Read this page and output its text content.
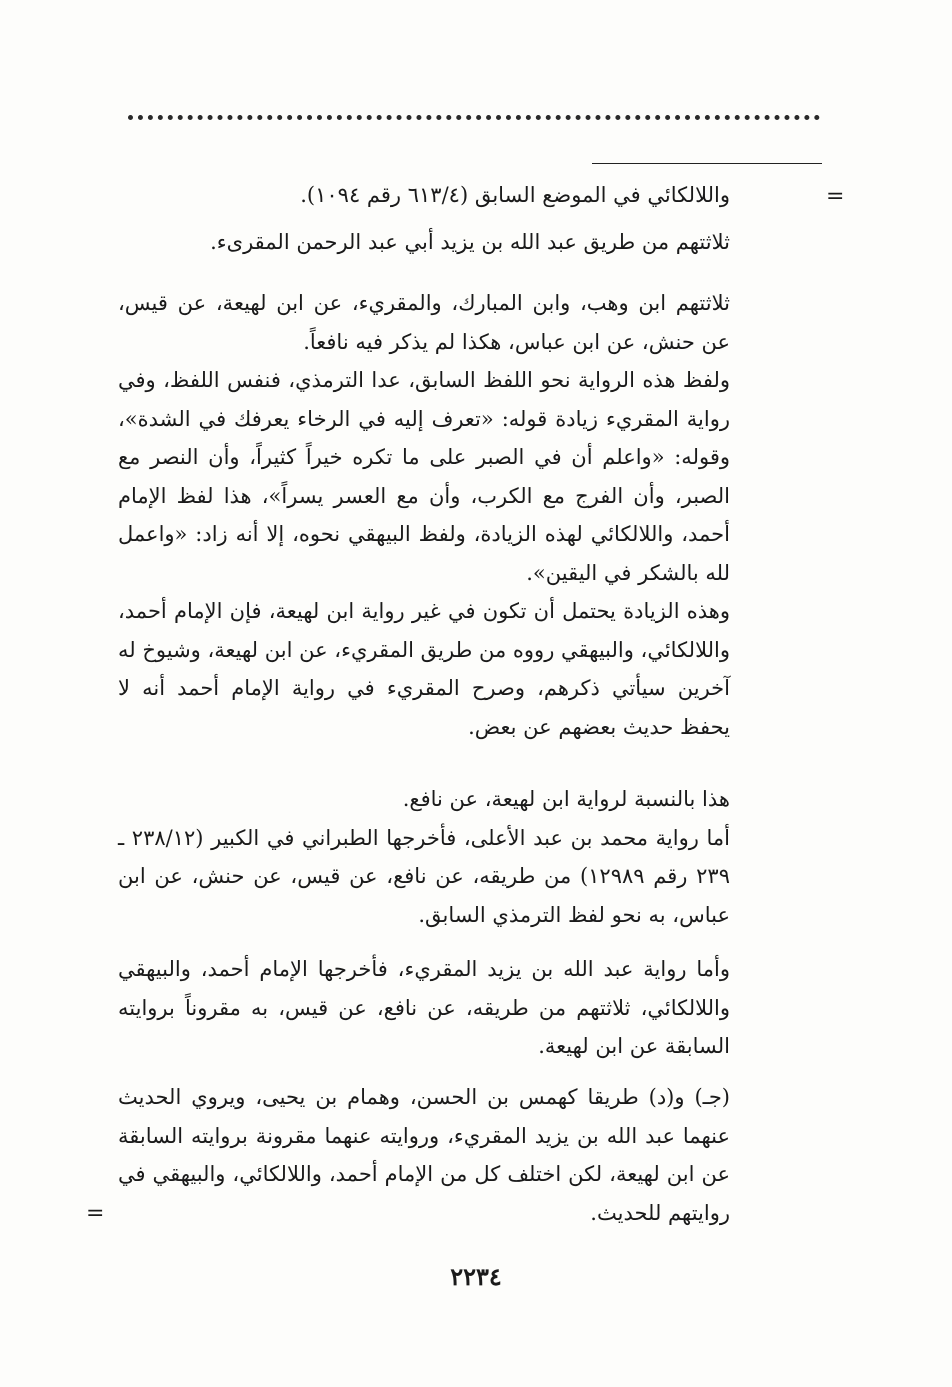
=
=

واللالكائي في الموضع السابق (٦١٣/٤ رقم ١٠٩٤).

ثلاثتهم من طريق عبد الله بن يزيد أبي عبد الرحمن المقرىء.

ثلاثتهم ابن وهب، وابن المبارك، والمقريء، عن ابن لهيعة، عن قيس، عن حنش، عن ابن عباس، هكذا لم يذكر فيه نافعاً.

ولفظ هذه الرواية نحو اللفظ السابق، عدا الترمذي، فنفس اللفظ، وفي رواية المقريء زيادة قوله: «تعرف إليه في الرخاء يعرفك في الشدة»، وقوله: «واعلم أن في الصبر على ما تكره خيراً كثيراً، وأن النصر مع الصبر، وأن الفرج مع الكرب، وأن مع العسر يسراً»، هذا لفظ الإمام أحمد، واللالكائي لهذه الزيادة، ولفظ البيهقي نحوه، إلا أنه زاد: «واعمل لله بالشكر في اليقين».

وهذه الزيادة يحتمل أن تكون في غير رواية ابن لهيعة، فإن الإمام أحمد، واللالكائي، والبيهقي رووه من طريق المقريء، عن ابن لهيعة، وشيوخ له آخرين سيأتي ذكرهم، وصرح المقريء في رواية الإمام أحمد أنه لا يحفظ حديث بعضهم عن بعض.

هذا بالنسبة لرواية ابن لهيعة، عن نافع.

أما رواية محمد بن عبد الأعلى، فأخرجها الطبراني في الكبير (٢٣٨/١٢ ـ ٢٣٩ رقم ١٢٩٨٩) من طريقه، عن نافع، عن قيس، عن حنش، عن ابن عباس، به نحو لفظ الترمذي السابق.

وأما رواية عبد الله بن يزيد المقريء، فأخرجها الإمام أحمد، والبيهقي واللالكائي، ثلاثتهم من طريقه، عن نافع، عن قيس، به مقروناً بروايته السابقة عن ابن لهيعة.

(جـ) و(د) طريقا كهمس بن الحسن، وهمام بن يحيى، ويروي الحديث عنهما عبد الله بن يزيد المقريء، وروايته عنهما مقرونة بروايته السابقة عن ابن لهيعة، لكن اختلف كل من الإمام أحمد، واللالكائي، والبيهقي في روايتهم للحديث.

٢٢٣٤
